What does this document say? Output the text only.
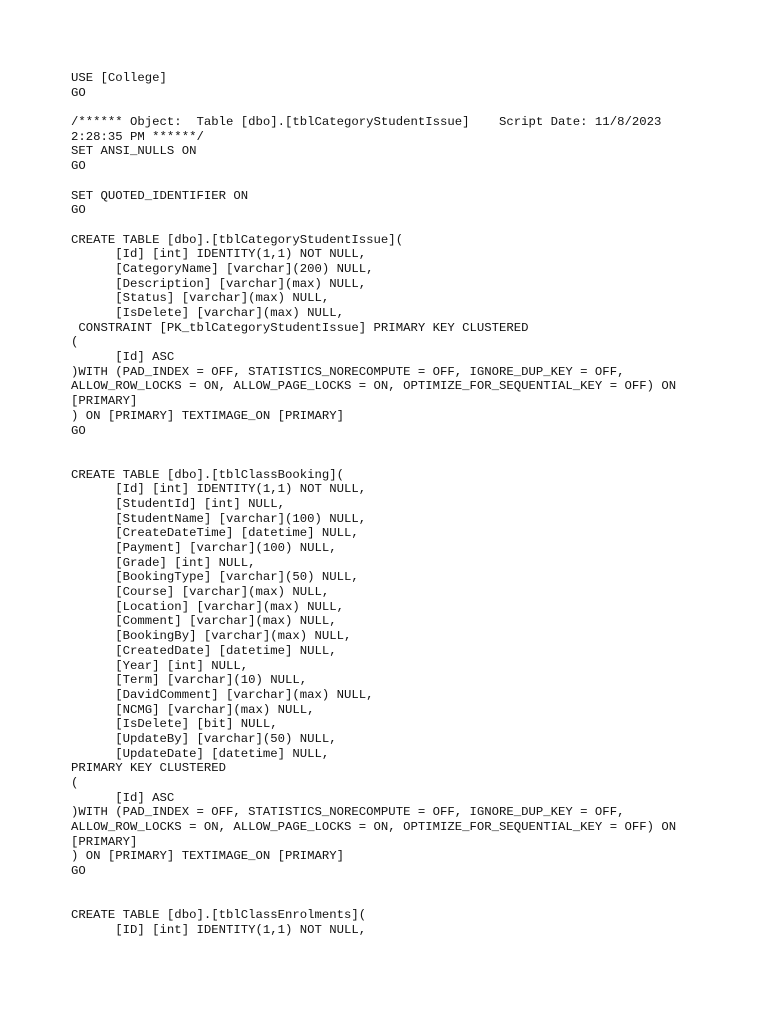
USE [College]
GO
/****** Object:  Table [dbo].[tblCategoryStudentIssue]    Script Date: 11/8/2023
2:28:35 PM ******/
SET ANSI_NULLS ON
GO
SET QUOTED_IDENTIFIER ON
GO
CREATE TABLE [dbo].[tblCategoryStudentIssue](
[Id] [int] IDENTITY(1,1) NOT NULL,
[CategoryName] [varchar](200) NULL,
[Description] [varchar](max) NULL,
[Status] [varchar](max) NULL,
[IsDelete] [varchar](max) NULL,
CONSTRAINT [PK_tblCategoryStudentIssue] PRIMARY KEY CLUSTERED
(
[Id] ASC
)WITH (PAD_INDEX = OFF, STATISTICS_NORECOMPUTE = OFF, IGNORE_DUP_KEY = OFF,
ALLOW_ROW_LOCKS = ON, ALLOW_PAGE_LOCKS = ON, OPTIMIZE_FOR_SEQUENTIAL_KEY = OFF) ON
[PRIMARY]
) ON [PRIMARY] TEXTIMAGE_ON [PRIMARY]
GO
CREATE TABLE [dbo].[tblClassBooking](
[Id] [int] IDENTITY(1,1) NOT NULL,
[StudentId] [int] NULL,
[StudentName] [varchar](100) NULL,
[CreateDateTime] [datetime] NULL,
[Payment] [varchar](100) NULL,
[Grade] [int] NULL,
[BookingType] [varchar](50) NULL,
[Course] [varchar](max) NULL,
[Location] [varchar](max) NULL,
[Comment] [varchar](max) NULL,
[BookingBy] [varchar](max) NULL,
[CreatedDate] [datetime] NULL,
[Year] [int] NULL,
[Term] [varchar](10) NULL,
[DavidComment] [varchar](max) NULL,
[NCMG] [varchar](max) NULL,
[IsDelete] [bit] NULL,
[UpdateBy] [varchar](50) NULL,
[UpdateDate] [datetime] NULL,
PRIMARY KEY CLUSTERED
(
[Id] ASC
)WITH (PAD_INDEX = OFF, STATISTICS_NORECOMPUTE = OFF, IGNORE_DUP_KEY = OFF,
ALLOW_ROW_LOCKS = ON, ALLOW_PAGE_LOCKS = ON, OPTIMIZE_FOR_SEQUENTIAL_KEY = OFF) ON
[PRIMARY]
) ON [PRIMARY] TEXTIMAGE_ON [PRIMARY]
GO
CREATE TABLE [dbo].[tblClassEnrolments](
[ID] [int] IDENTITY(1,1) NOT NULL,
